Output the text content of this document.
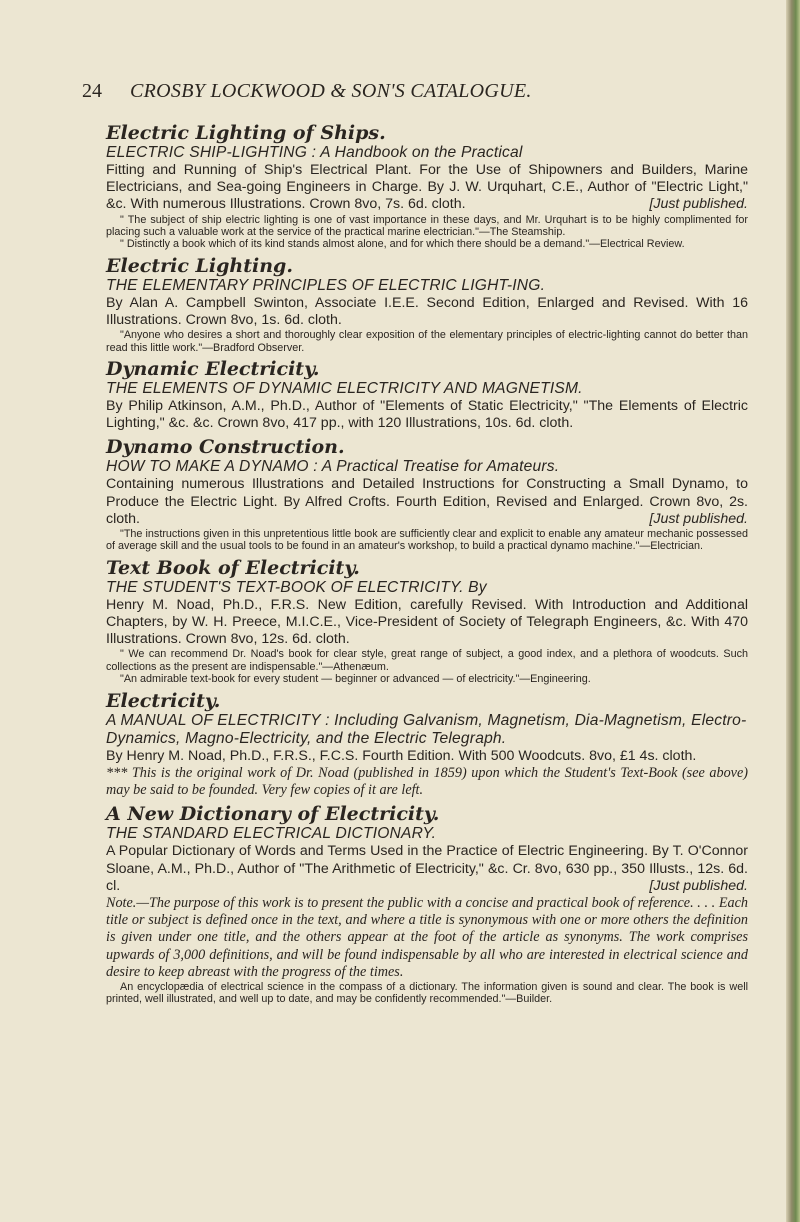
24 CROSBY LOCKWOOD & SON'S CATALOGUE.
Electric Lighting of Ships.
ELECTRIC SHIP-LIGHTING : A Handbook on the Practical
Fitting and Running of Ship's Electrical Plant. For the Use of Shipowners and Builders, Marine Electricians, and Sea-going Engineers in Charge. By J. W. Urquhart, C.E., Author of "Electric Light," &c. With numerous Illustrations. Crown 8vo, 7s. 6d. cloth.	[Just published.
" The subject of ship electric lighting is one of vast importance in these days, and Mr. Urquhart is to be highly complimented for placing such a valuable work at the service of the practical marine electrician."—The Steamship.
" Distinctly a book which of its kind stands almost alone, and for which there should be a demand."—Electrical Review.
Electric Lighting.
THE ELEMENTARY PRINCIPLES OF ELECTRIC LIGHT-ING.
By Alan A. Campbell Swinton, Associate I.E.E. Second Edition, Enlarged and Revised. With 16 Illustrations. Crown 8vo, 1s. 6d. cloth.
"Anyone who desires a short and thoroughly clear exposition of the elementary principles of electric-lighting cannot do better than read this little work."—Bradford Observer.
Dynamic Electricity.
THE ELEMENTS OF DYNAMIC ELECTRICITY AND MAGNETISM.
By Philip Atkinson, A.M., Ph.D., Author of "Elements of Static Electricity," "The Elements of Electric Lighting," &c. &c. Crown 8vo, 417 pp., with 120 Illustrations, 10s. 6d. cloth.
Dynamo Construction.
HOW TO MAKE A DYNAMO : A Practical Treatise for Amateurs.
Containing numerous Illustrations and Detailed Instructions for Constructing a Small Dynamo, to Produce the Electric Light. By Alfred Crofts. Fourth Edition, Revised and Enlarged. Crown 8vo, 2s. cloth.	[Just published.
"The instructions given in this unpretentious little book are sufficiently clear and explicit to enable any amateur mechanic possessed of average skill and the usual tools to be found in an amateur's workshop, to build a practical dynamo machine."—Electrician.
Text Book of Electricity.
THE STUDENT'S TEXT-BOOK OF ELECTRICITY. By
Henry M. Noad, Ph.D., F.R.S. New Edition, carefully Revised. With Introduction and Additional Chapters, by W. H. Preece, M.I.C.E., Vice-President of Society of Telegraph Engineers, &c. With 470 Illustrations. Crown 8vo, 12s. 6d. cloth.
" We can recommend Dr. Noad's book for clear style, great range of subject, a good index, and a plethora of woodcuts. Such collections as the present are indispensable."—Athenæum.
"An admirable text-book for every student — beginner or advanced — of electricity."—Engineering.
Electricity.
A MANUAL OF ELECTRICITY : Including Galvanism, Magnetism, Dia-Magnetism, Electro-Dynamics, Magno-Electricity, and the Electric Telegraph.
By Henry M. Noad, Ph.D., F.R.S., F.C.S. Fourth Edition. With 500 Woodcuts. 8vo, £1 4s. cloth.
*** This is the original work of Dr. Noad (published in 1859) upon which the Student's Text-Book (see above) may be said to be founded. Very few copies of it are left.
A New Dictionary of Electricity.
THE STANDARD ELECTRICAL DICTIONARY.
A Popular Dictionary of Words and Terms Used in the Practice of Electric Engineering. By T. O'Connor Sloane, A.M., Ph.D., Author of "The Arithmetic of Electricity," &c. Cr. 8vo, 630 pp., 350 Illusts., 12s. 6d. cl.	[Just published.
Note.—The purpose of this work is to present the public with a concise and practical book of reference. . . . Each title or subject is defined once in the text, and where a title is synonymous with one or more others the definition is given under one title, and the others appear at the foot of the article as synonyms. The work comprises upwards of 3,000 definitions, and will be found indispensable by all who are interested in electrical science and desire to keep abreast with the progress of the times.
An encyclopædia of electrical science in the compass of a dictionary. The information given is sound and clear. The book is well printed, well illustrated, and well up to date, and may be confidently recommended."—Builder.
